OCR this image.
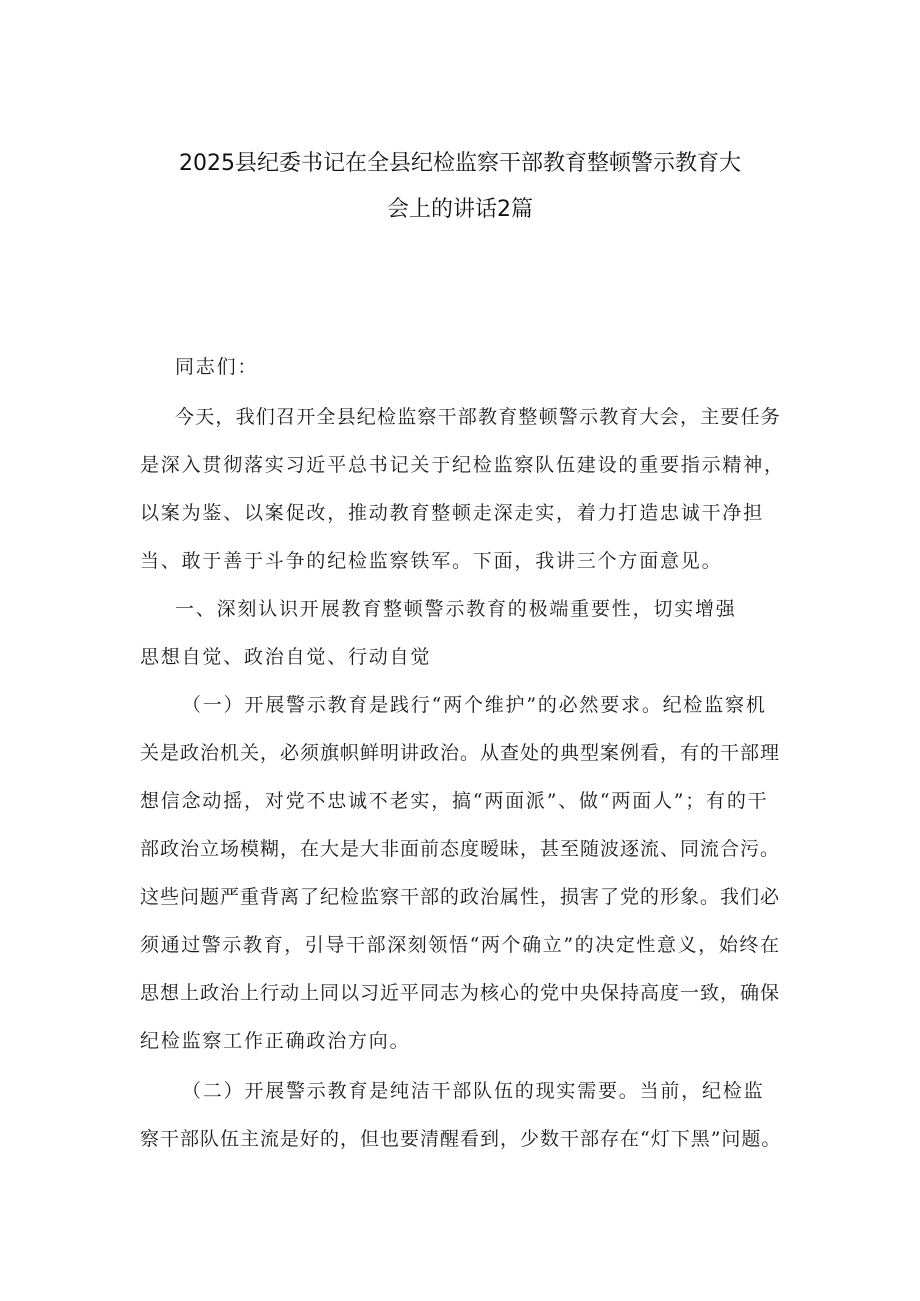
2025县纪委书记在全县纪检监察干部教育整顿警示教育大
会上的讲话2篇
同志们：
今天，我们召开全县纪检监察干部教育整顿警示教育大会，主要任务
是深入贯彻落实习近平总书记关于纪检监察队伍建设的重要指示精神，
以案为鉴、以案促改，推动教育整顿走深走实，着力打造忠诚干净担
当、敢于善于斗争的纪检监察铁军。下面，我讲三个方面意见。
一、深刻认识开展教育整顿警示教育的极端重要性，切实增强
思想自觉、政治自觉、行动自觉
（一）开展警示教育是践行“两个维护”的必然要求。纪检监察机
关是政治机关，必须旗帜鲜明讲政治。从查处的典型案例看，有的干部理
想信念动摇，对党不忠诚不老实，搞“两面派”、做“两面人”；有的干
部政治立场模糊，在大是大非面前态度暧昧，甚至随波逐流、同流合污。
这些问题严重背离了纪检监察干部的政治属性，损害了党的形象。我们必
须通过警示教育，引导干部深刻领悟“两个确立”的决定性意义，始终在
思想上政治上行动上同以习近平同志为核心的党中央保持高度一致，确保
纪检监察工作正确政治方向。
（二）开展警示教育是纯洁干部队伍的现实需要。当前，纪检监
察干部队伍主流是好的，但也要清醒看到，少数干部存在“灯下黑”问题。
